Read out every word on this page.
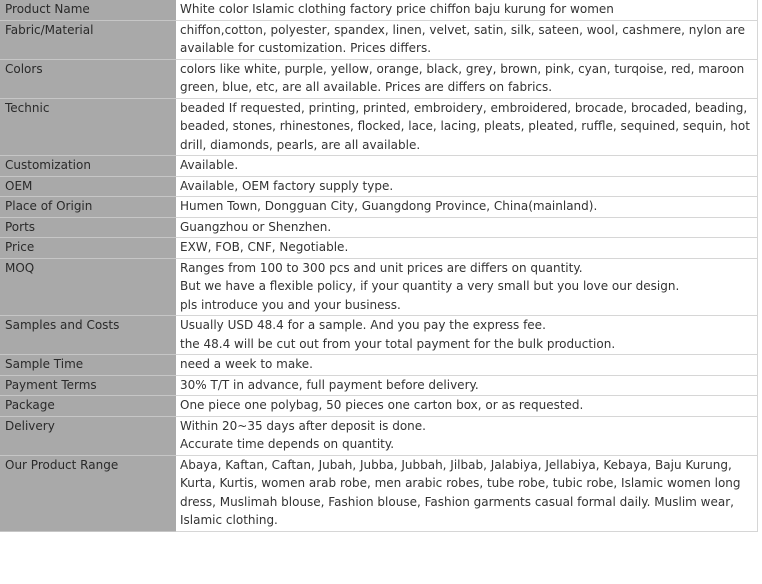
Product Name	White color Islamic clothing factory price chiffon baju kurung for women

Fabric/Material	chiffon,cotton, polyester, spandex, linen, velvet, satin, silk, sateen, wool, cashmere, nylon are available for customization. Prices differs.

Colors	colors like white, purple, yellow, orange, black, grey, brown, pink, cyan, turqoise, red, maroon green, blue, etc, are all available. Prices are differs on fabrics.

Technic	beaded If requested, printing, printed, embroidery, embroidered, brocade, brocaded, beading, beaded, stones, rhinestones, flocked, lace, lacing, pleats, pleated, ruffle, sequined, sequin, hot drill, diamonds, pearls, are all available.

Customization	Available.

OEM	Available, OEM factory supply type.

Place of Origin	Humen Town, Dongguan City, Guangdong Province, China(mainland).

Ports	Guangzhou or Shenzhen.

Price	EXW, FOB, CNF, Negotiable.

MOQ	Ranges from 100 to 300 pcs and unit prices are differs on quantity.
But we have a flexible policy, if your quantity a very small but you love our design.
pls introduce you and your business.

Samples and Costs	Usually USD 48.4 for a sample. And you pay the express fee.
the 48.4 will be cut out from your total payment for the bulk production.

Sample Time	need a week to make.

Payment Terms	30% T/T in advance, full payment before delivery.

Package	One piece one polybag, 50 pieces one carton box, or as requested.

Delivery	Within 20~35 days after deposit is done.
Accurate time depends on quantity.

Our Product Range	Abaya, Kaftan, Caftan, Jubah, Jubba, Jubbah, Jilbab, Jalabiya, Jellabiya, Kebaya, Baju Kurung, Kurta, Kurtis, women arab robe, men arabic robes, tube robe, tubic robe, Islamic women long dress, Muslimah blouse, Fashion blouse, Fashion garments casual formal daily. Muslim wear, Islamic clothing.
